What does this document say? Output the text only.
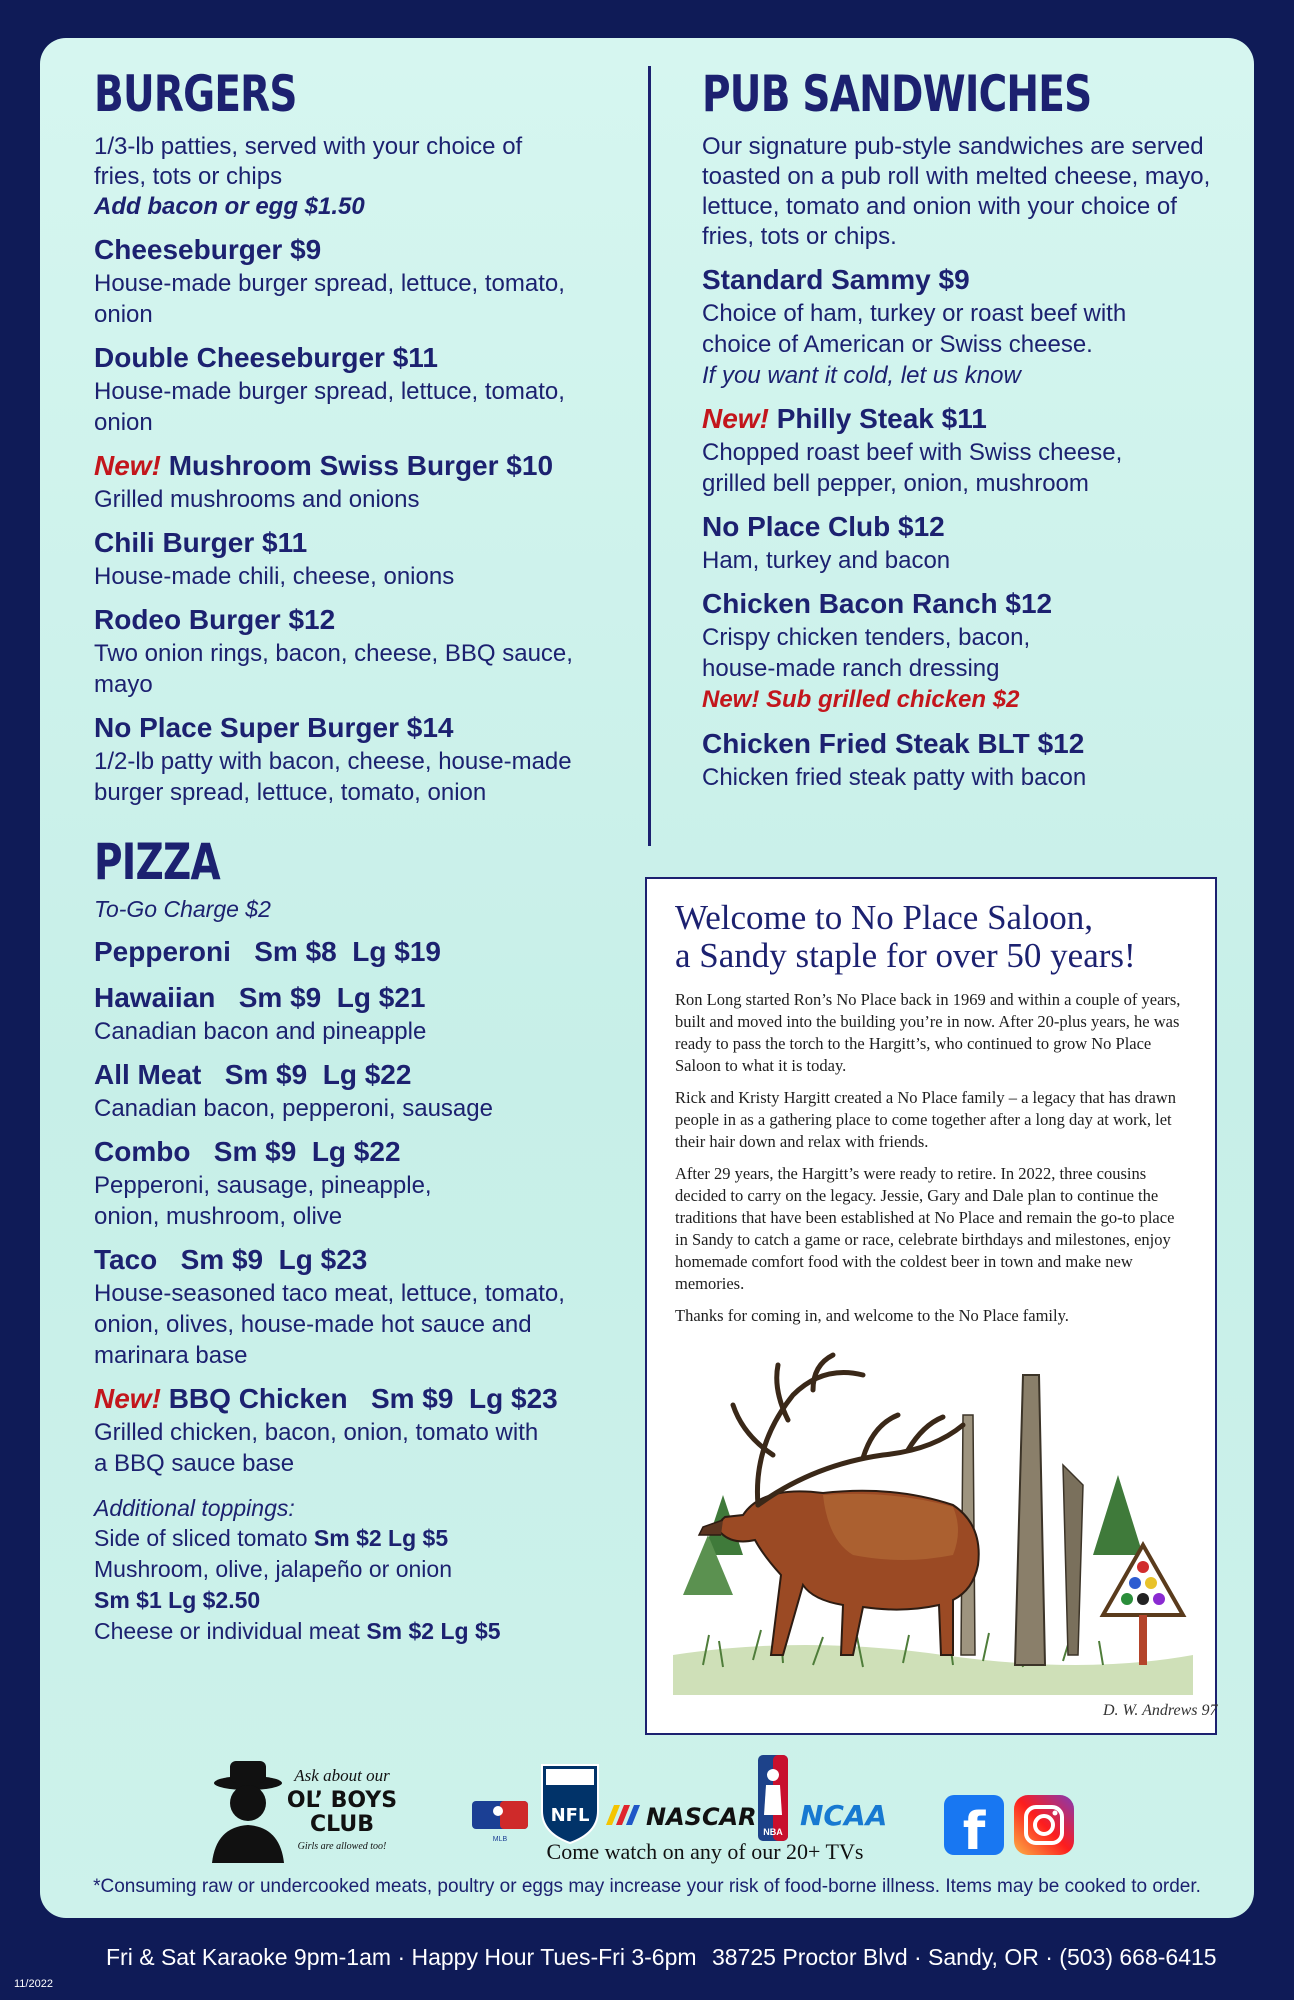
BURGERS
1/3-lb patties, served with your choice of
fries, tots or chips
Add bacon or egg $1.50
Cheeseburger $9
House-made burger spread, lettuce, tomato,
onion
Double Cheeseburger $11
House-made burger spread, lettuce, tomato,
onion
New! Mushroom Swiss Burger $10
Grilled mushrooms and onions
Chili Burger $11
House-made chili, cheese, onions
Rodeo Burger $12
Two onion rings, bacon, cheese, BBQ sauce,
mayo
No Place Super Burger $14
1/2-lb patty with bacon, cheese, house-made
burger spread, lettuce, tomato, onion
PIZZA
To-Go Charge $2
Pepperoni   Sm $8  Lg $19
Hawaiian   Sm $9  Lg $21
Canadian bacon and pineapple
All Meat   Sm $9  Lg $22
Canadian bacon, pepperoni, sausage
Combo   Sm $9  Lg $22
Pepperoni, sausage, pineapple,
onion, mushroom, olive
Taco   Sm $9  Lg $23
House-seasoned taco meat, lettuce, tomato,
onion, olives, house-made hot sauce and
marinara base
New! BBQ Chicken   Sm $9  Lg $23
Grilled chicken, bacon, onion, tomato with
a BBQ sauce base
Additional toppings:
Side of sliced tomato Sm $2 Lg $5
Mushroom, olive, jalapeño or onion
Sm $1 Lg $2.50
Cheese or individual meat Sm $2 Lg $5
PUB SANDWICHES
Our signature pub-style sandwiches are served
toasted on a pub roll with melted cheese, mayo,
lettuce, tomato and onion with your choice of
fries, tots or chips.
Standard Sammy $9
Choice of ham, turkey or roast beef with
choice of American or Swiss cheese.
If you want it cold, let us know
New! Philly Steak $11
Chopped roast beef with Swiss cheese,
grilled bell pepper, onion, mushroom
No Place Club $12
Ham, turkey and bacon
Chicken Bacon Ranch $12
Crispy chicken tenders, bacon,
house-made ranch dressing
New! Sub grilled chicken $2
Chicken Fried Steak BLT $12
Chicken fried steak patty with bacon
Welcome to No Place Saloon,
a Sandy staple for over 50 years!

Ron Long started Ron’s No Place back in 1969 and within a couple of years, built and moved into the building you’re in now. After 20-plus years, he was ready to pass the torch to the Hargitt’s, who continued to grow No Place Saloon to what it is today.

Rick and Kristy Hargitt created a No Place family – a legacy that has drawn people in as a gathering place to come together after a long day at work, let their hair down and relax with friends.

After 29 years, the Hargitt’s were ready to retire. In 2022, three cousins decided to carry on the legacy. Jessie, Gary and Dale plan to continue the traditions that have been established at No Place and remain the go-to place in Sandy to catch a game or race, celebrate birthdays and milestones, enjoy homemade comfort food with the coldest beer in town and make new memories.

Thanks for coming in, and welcome to the No Place family.

D. W. Andrews 97
Ask about our
OL’ BOYS
CLUB
Girls are allowed too!
MLB
NFL NASCAR
NBA NCAA
Come watch on any of our 20+ TVs f
*Consuming raw or undercooked meats, poultry or eggs may increase your risk of food-borne illness. Items may be cooked to order.
Fri & Sat Karaoke 9pm-1am · Happy Hour Tues-Fri 3-6pm 38725 Proctor Blvd · Sandy, OR · (503) 668-6415
11/2022
